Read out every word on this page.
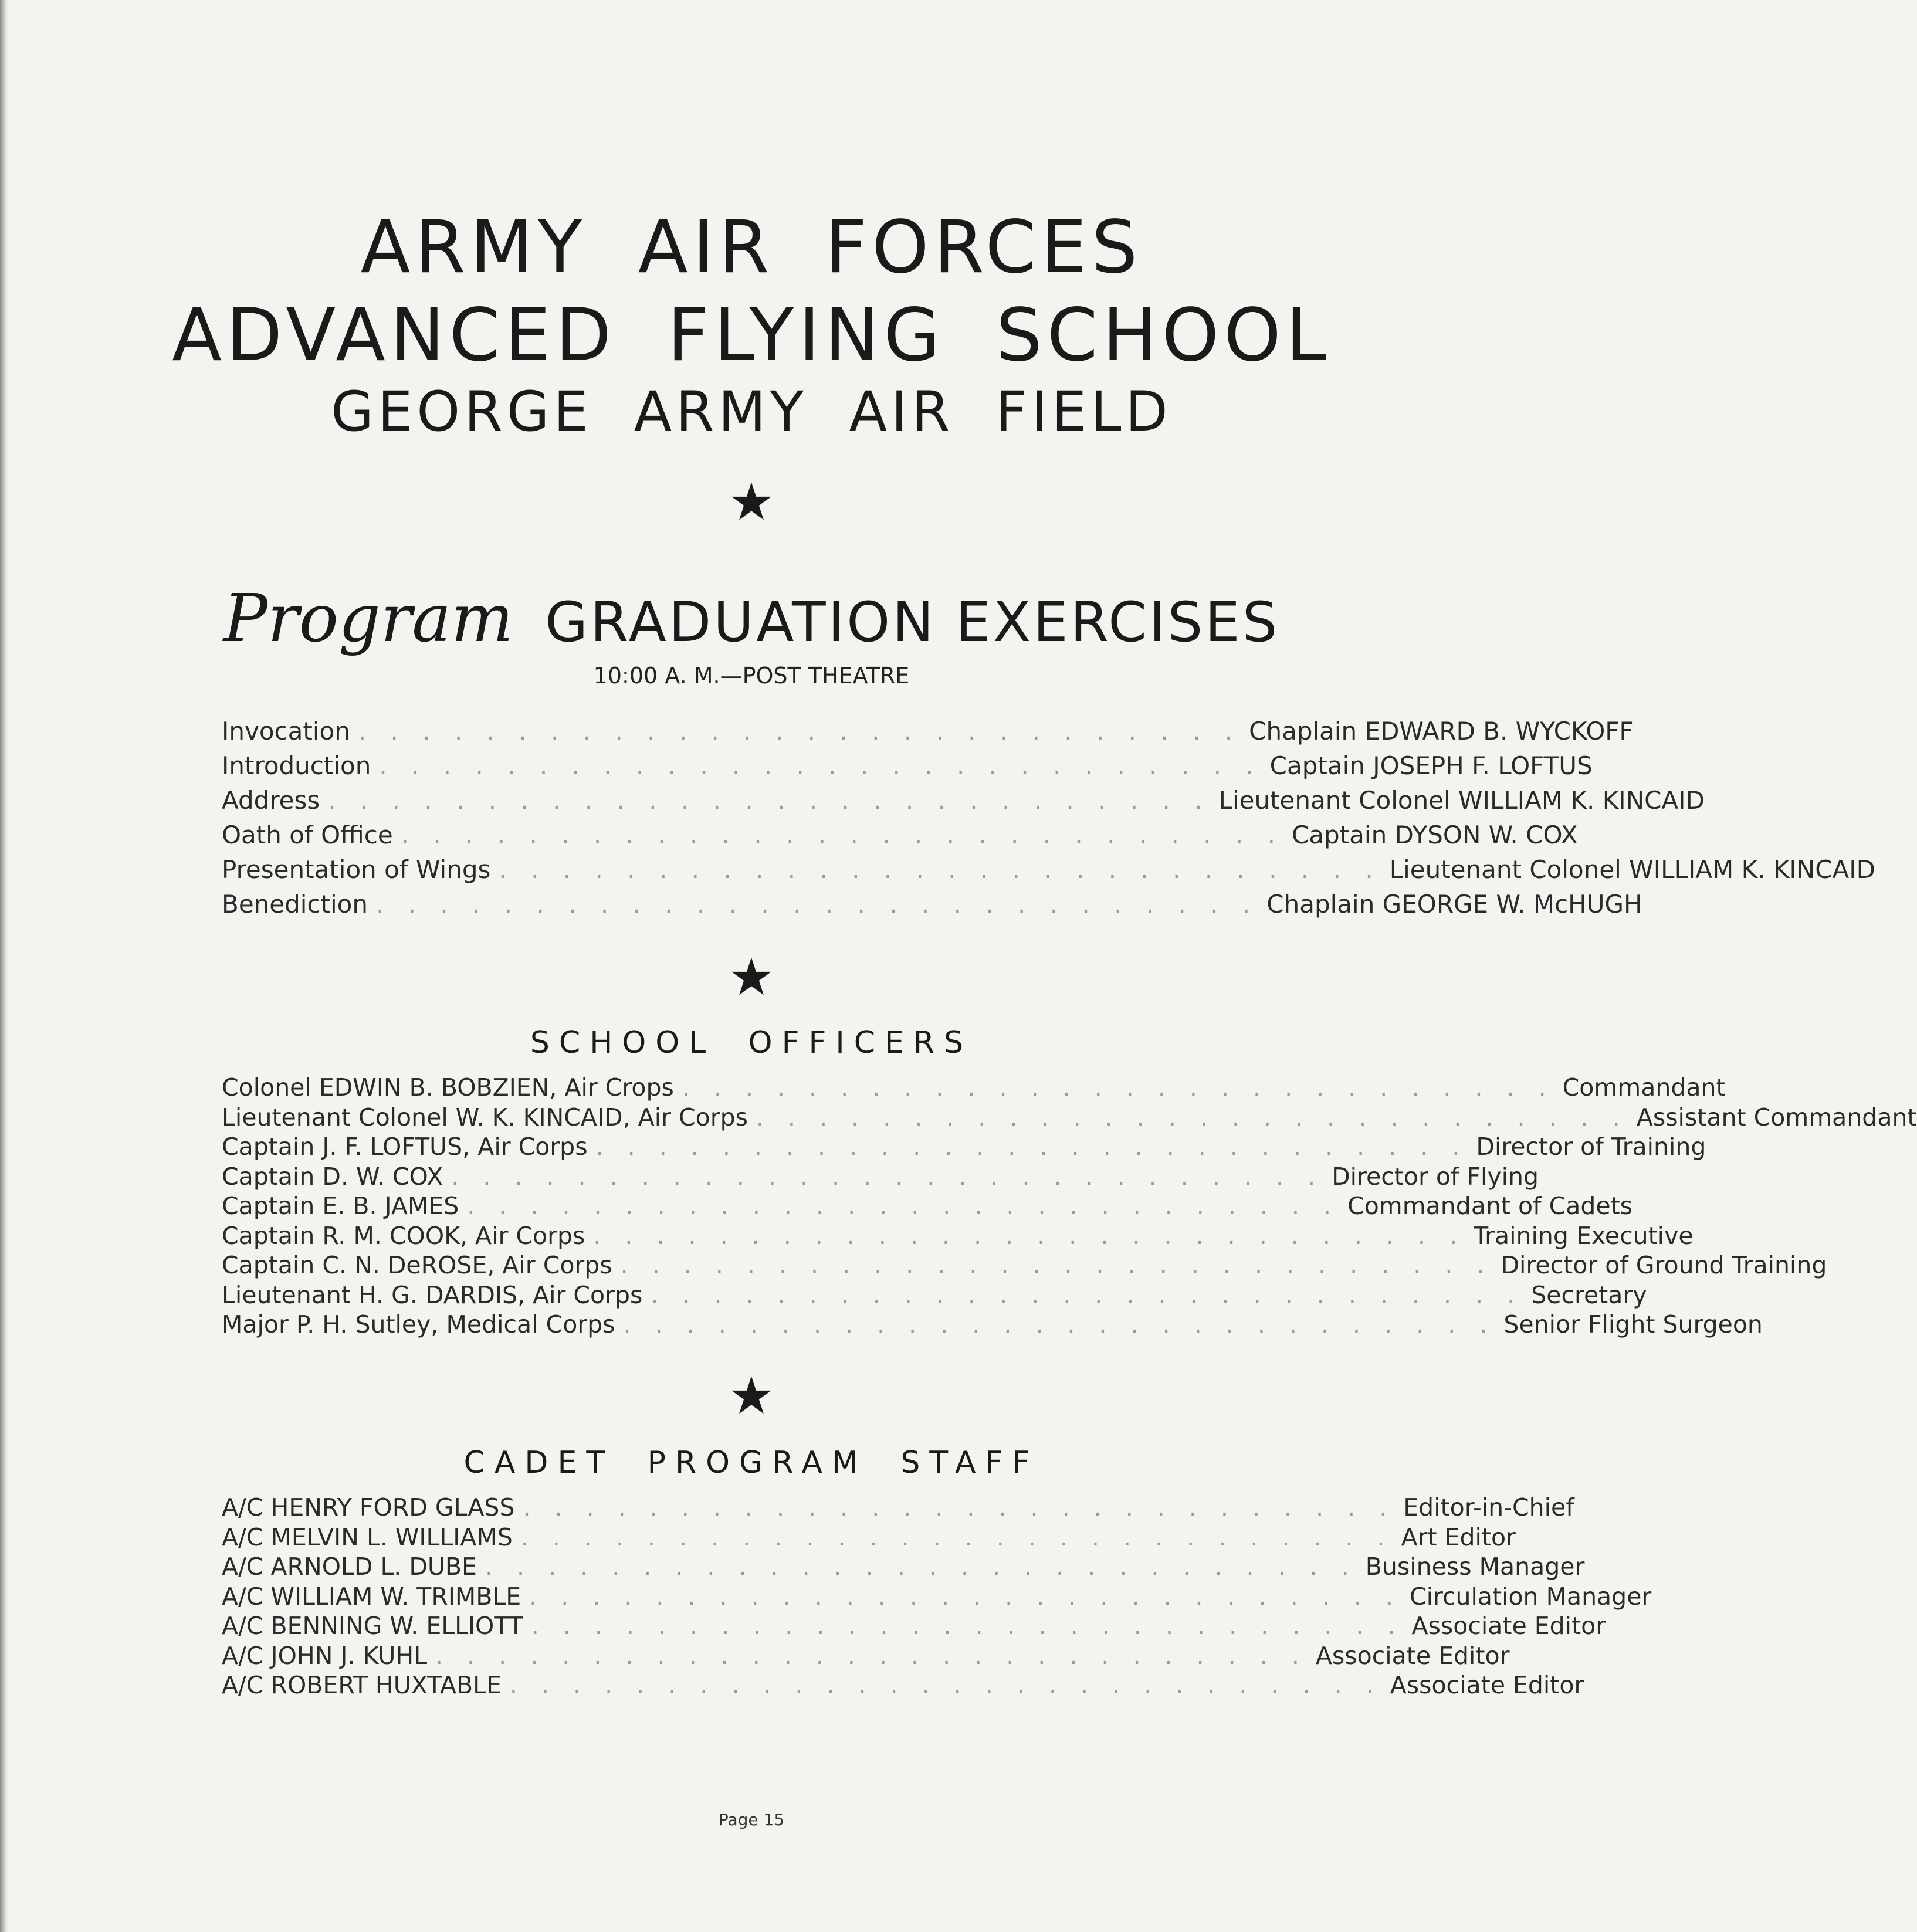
ARMY AIR FORCES
ADVANCED FLYING SCHOOL
GEORGE ARMY AIR FIELD
★
Program GRADUATION EXERCISES
10:00 A. M.—POST THEATRE
Invocation . . . . . . . . . . . . . . . . . . . . . . . . . . . . Chaplain EDWARD B. WYCKOFF
Introduction . . . . . . . . . . . . . . . . . . . . . . . . . . . . Captain JOSEPH F. LOFTUS
Address . . . . . . . . . . . . . . . . . . . . . . . . . . . . Lieutenant Colonel WILLIAM K. KINCAID
Oath of Office . . . . . . . . . . . . . . . . . . . . . . . . . . . . Captain DYSON W. COX
Presentation of Wings . . . . . . . . . . . . . . . . . . . . . . . . . . . . Lieutenant Colonel WILLIAM K. KINCAID
Benediction . . . . . . . . . . . . . . . . . . . . . . . . . . . . Chaplain GEORGE W. McHUGH
★
SCHOOL OFFICERS
Colonel EDWIN B. BOBZIEN, Air Crops . . . . . . . . . . . . . . . . . . . . . . . . . . . . Commandant
Lieutenant Colonel W. K. KINCAID, Air Corps . . . . . . . . . . . . . . . . . . . . . . . . . . . . Assistant Commandant
Captain J. F. LOFTUS, Air Corps . . . . . . . . . . . . . . . . . . . . . . . . . . . . Director of Training
Captain D. W. COX . . . . . . . . . . . . . . . . . . . . . . . . . . . . Director of Flying
Captain E. B. JAMES . . . . . . . . . . . . . . . . . . . . . . . . . . . . Commandant of Cadets
Captain R. M. COOK, Air Corps . . . . . . . . . . . . . . . . . . . . . . . . . . . . Training Executive
Captain C. N. DeROSE, Air Corps . . . . . . . . . . . . . . . . . . . . . . . . . . . . Director of Ground Training
Lieutenant H. G. DARDIS, Air Corps . . . . . . . . . . . . . . . . . . . . . . . . . . . . Secretary
Major P. H. Sutley, Medical Corps . . . . . . . . . . . . . . . . . . . . . . . . . . . . Senior Flight Surgeon
★
CADET PROGRAM STAFF
A/C HENRY FORD GLASS . . . . . . . . . . . . . . . . . . . . . . . . . . . . Editor-in-Chief
A/C MELVIN L. WILLIAMS . . . . . . . . . . . . . . . . . . . . . . . . . . . . Art Editor
A/C ARNOLD L. DUBE . . . . . . . . . . . . . . . . . . . . . . . . . . . . Business Manager
A/C WILLIAM W. TRIMBLE . . . . . . . . . . . . . . . . . . . . . . . . . . . . Circulation Manager
A/C BENNING W. ELLIOTT . . . . . . . . . . . . . . . . . . . . . . . . . . . . Associate Editor
A/C JOHN J. KUHL . . . . . . . . . . . . . . . . . . . . . . . . . . . . Associate Editor
A/C ROBERT HUXTABLE . . . . . . . . . . . . . . . . . . . . . . . . . . . . Associate Editor
Page 15
